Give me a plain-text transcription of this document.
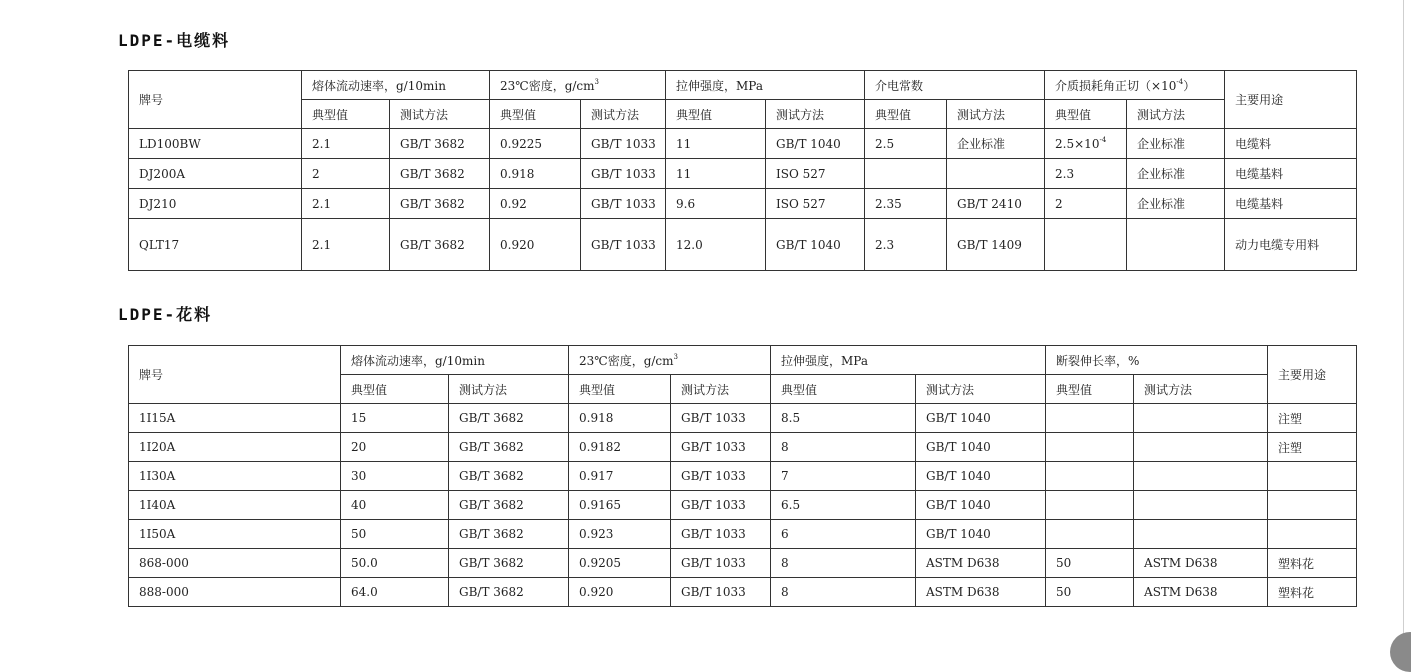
LDPE-电缆料
牌号	熔体流动速率，g/10min		23℃密度，$g/cm^3$		拉伸强度，MPa		介电常数		介质损耗角正切$(\times 10^{-4})$		主要用途
	典型值	测试方法	典型值	测试方法	典型值	测试方法	典型值	测试方法	典型值	测试方法	
LD100BW	2.1	GB/T 3682	0.9225	GB/T 1033	11	GB/T 1040	2.5	企业标准	$2.5\times 10^{-4}$	企业标准	电缆料
DJ200A	2	GB/T 3682	0.918	GB/T 1033	11	ISO 527			2.3	企业标准	电缆基料
DJ210	2.1	GB/T 3682	0.92	GB/T 1033	9.6	ISO 527	2.35	GB/T 2410	2	企业标准	电缆基料
QLT17	2.1	GB/T 3682	0.920	GB/T 1033	12.0	GB/T 1040	2.3	GB/T 1409			动力电缆专用料
LDPE-花料
牌号	熔体流动速率，g/10min		23℃密度，$g/cm^3$		拉伸强度，MPa		断裂伸长率，%		主要用途
	典型值	测试方法	典型值	测试方法	典型值	测试方法	典型值	测试方法	
1I15A	15	GB/T 3682	0.918	GB/T 1033	8.5	GB/T 1040			注塑
1I20A	20	GB/T 3682	0.9182	GB/T 1033	8	GB/T 1040			注塑
1I30A	30	GB/T 3682	0.917	GB/T 1033	7	GB/T 1040			
1I40A	40	GB/T 3682	0.9165	GB/T 1033	6.5	GB/T 1040			
1I50A	50	GB/T 3682	0.923	GB/T 1033	6	GB/T 1040			
868-000	50.0	GB/T 3682	0.9205	GB/T 1033	8	ASTM D638	50	ASTM D638	塑料花
888-000	64.0	GB/T 3682	0.920	GB/T 1033	8	ASTM D638	50	ASTM D638	塑料花
